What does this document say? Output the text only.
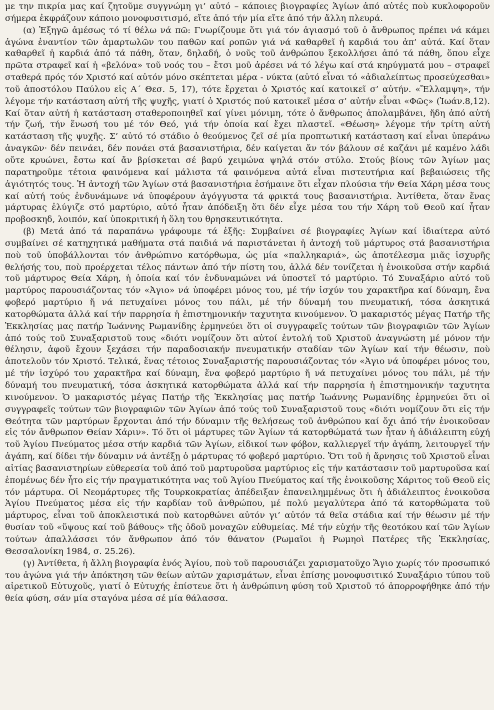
με την πικρία μας καί ζητοῦμε συγγνώμη γι’ αὐτό – κάποιες βιογραφίες Ἁγίων ἀπό αὐτές ποὺ κυκλοφοροῦν σήμερα ἐκφράζουν κάποιο μονοφυσιτισμό, εἴτε ἀπό τήν μία εἴτε ἀπό τήν ἄλλη πλευρά.

(α) Ἐξηγῶ ἀμέσως τό τί θέλω νά πῶ: Γνωρίζουμε ὅτι γιά τόν ἁγιασμό τοῦ ὁ ἄνθρωπος πρέπει νά κάμει ἀγώνα ἐναντίον τῶν ἁμαρτωλῶν του παθῶν καί ροπῶν γιά νά καθαρθεῖ ἡ καρδιά του ἀπ’ αὐτά. Καί ὅταν καθαρθεῖ ἡ καρδιά ἀπό τά πάθη, ὅταν, δηλαδή, ὁ νοῦς τοῦ ἀνθρώπου ξεκολλήσει ἀπό τά πάθη, ὅπου εἶχε πρῶτα στραφεῖ καί ἡ «βελόνα» τοῦ νοός του – ἔτσι μοῦ ἀρέσει νά τό λέγω καί στά κηρύγματά μου – στραφεῖ σταθερά πρός τόν Χριστό καί αὐτόν μόνο σκέπτεται μέρα - νύκτα (αὐτό εἶναι τό «ἀδιαλείπτως προσεύχεσθαι» τοῦ ἀποστόλου Παύλου εἰς Α΄ Θεσ. 5, 17), τότε ἔρχεται ὁ Χριστός καί κατοικεῖ σ’ αὐτήν. «Ἔλλαμψη», τήν λέγομε τήν κατάσταση αὐτή τῆς ψυχῆς, γιατί ὁ Χριστός πού κατοικεῖ μέσα σ’ αὐτήν εἶναι «Φῶς» (Ἰωάν.8,12). Καί ὅταν αὐτή ἡ κατάσταση σταθεροποιηθεῖ καί γίνει μόνιμη, τότε ὁ ἄνθρωπος ἀπολαμβάνει, ἤδη ἀπό αὐτή τήν ζωή, τήν ἕνωσή του μέ τόν Θεό, γιά τήν ὁποία καί ἔχει πλαστεῖ. «Θέωση» λέγομε τήν τρίτη αὐτή κατάσταση τῆς ψυχῆς. Σ’ αὐτό τό στάδιο ὁ θεούμενος ζεῖ σέ μία προπτωτική κατάσταση καί εἶναι ὑπεράνω ἀναγκῶν· δέν πεινάει, δέν πονάει στά βασανιστήρια, δέν καίγεται ἄν τόν βάλουν σέ καζάνι μέ καμένο λάδι οὔτε κρυώνει, ἔστω καί ἄν βρίσκεται σέ βαρύ χειμώνα ψηλά στόν στύλο. Στούς βίους τῶν Ἁγίων μας παρατηροῦμε τέτοια φαινόμενα καί μάλιστα τά φαινόμενα αὐτά εἶναι πιστευτήρια καί βεβαιώσεις τῆς ἁγιότητός τους. Ἡ ἀντοχή τῶν Ἁγίων στά βασανιστήρια ἐσήμαινε ὅτι εἶχαν πλούσια τήν Θεία Χάρη μέσα τους καί αὐτή τούς ἐνδυνάμωνε νά ὑποφέρουν ἀγόγγυστα τά φρικτά τους βασανιστήρια. Ἀντίθετα, ὅταν ἕνας μάρτυρας ἐλύγιζε στό μαρτύριο, αὐτό ἦταν ἀπόδειξη ὅτι δέν εἶχε μέσα του τήν Χάρη τοῦ Θεοῦ καί ἦταν προβοσκηδ, λοιπόν, καί ὑποκριτική ἡ ὅλη του θρησκευτικότητα.

(β) Μετά ἀπό τά παραπάνω γράφουμε τά ἐξῆς: Συμβαίνει σέ βιογραφίες Ἁγίων καί ἰδιαίτερα αὐτό συμβαίνει σέ κατηχητικά μαθήματα στά παιδιά νά παριστάνεται ἡ ἀντοχή τοῦ μάρτυρος στά βασανιστήρια ποὺ τοῦ ὑποβάλλονται τόν ἀνθρώπινο κατόρθωμα, ὡς μία «παλληκαριά», ὡς ἀποτέλεσμα μιᾶς ἰσχυρῆς θελήσής του, ποὺ προέρχεται τέλος πάντων ἀπό τήν πίστη του, ἀλλά δέν τονίζεται ἡ ἐνοικοῦσα στήν καρδιά τοῦ μάρτυρος Θεία Χάρη, ἡ ὁποία καί τόν ἐνδυναμώνει νά ὑποστεῖ τό μαρτύριο. Τό Συναξάριο αὐτό τοῦ μαρτύρος παρουσιάζοντας τόν «Ἀγιο» νά ὑποφέρει μόνος του, μέ τήν ἰσχύν του χαρακτῆρα καί δύναμη, ἔνα φοβερό μαρτύριο ἤ νά πετυχαίνει μόνος του πάλι, μέ τήν δύναμή του πνευματική, τόσα ἀσκητικά κατορθώματα ἀλλά καί τήν παρρησία ἡ ἐπιστημονικήν ταχυτητα κινούμενον. Ὁ μακαριστός μέγας Πατήρ τῆς Ἐκκλησίας μας πατήρ Ἰωάννης Ρωμανίδης ἑρμηνεύει ὅτι οἱ συγγραφεῖς τούτων τῶν βιογραφιῶν τῶν Ἁγίων ἀπό τούς τοῦ Συναξαριστοῦ τους «διότι νομίζουν ὅτι αὐτοί ἐντολή τοῦ Χριστοῦ ἀναγνώστη μέ μόνον τήν θέλησιν, ἀφοῦ ἔχουν ξεχάσει τήν παραδοσιακήν πνευματικήν σταδίαν τῶν Ἁγίων καί τήν θέωσιν, ποὺ ἀποτελοῦν τόν Χριστό. Τελικά, ἕνας τέτοιος Συναξαριστής παρουσιάζοντας τόν «Ἀγιο νά ὑποφέρει μόνος του, μέ τήν ἰσχύρό του χαρακτῆρα καί δύναμη, ἕνα φοβερό μαρτύριο ἤ νά πετυχαίνει μόνος του πάλι, μέ τήν δύναμή του πνευματική, τόσα ἀσκητικά κατορθώματα ἀλλά καί τήν παρρησία ἡ ἐπιστημονικήν ταχυτητα κινούμενον. Ὁ μακαριστός μέγας Πατήρ τῆς Ἐκκλησίας μας πατήρ Ἰωάννης Ρωμανίδης ἑρμηνεύει ὅτι οἱ συγγραφεῖς τούτων τῶν βιογραφιῶν τῶν Ἁγίων ἀπό τούς τοῦ Συναξαριστοῦ τους «διότι νομίζουν ὅτι εἰς τήν Θεότητα τῶν μαρτύρων ἔρχονται ἀπό τήν δύναμιν τῆς θελήσεως τοῦ ἀνθρώπου καί ὄχι ἀπό τήν ἐνοικοῦσαν εἰς τόν ἄνθρωπον Θείαν Χάριν». Τό ὅτι οἱ μάρτυρες τῶν Ἁγίων τά κατορθώματά των ἦταν ἡ ἀδιάλειπτη εὐχή τοῦ Ἁγίου Πνεύματος μέσα στήν καρδιά τῶν Ἁγίων, εἰδικοί των φόβον, καλλιεργεῖ τήν ἀγάπη, λειτουργεῖ τήν ἀγάπη, καί δίδει τήν δύναμιν νά ἀντέξῃ ὁ μάρτυρας τό φοβερό μαρτύριο. Ὅτι τοῦ ἡ ἄρνησις τοῦ Χριστοῦ εἶναι αἰτίας βασανιστηρίων εὐθερεσία τοῦ ἀπό τοῦ μαρτυροῦσα μαρτύριος εἰς τήν κατάστασιν τοῦ μαρτυροῦσα καί ἑπομένως δέν ἦτο εἰς τήν πραγματικότητα νας τοῦ Ἁγίου Πνεύματος καί τῆς ἐνοικοῦσης Χάριτος τοῦ Θεοῦ εἰς τόν μάρτυρα. Οἱ Νεομάρτυρες τῆς Τουρκοκρατίας ἀπέδειξαν ἐπανειλημμένως ὅτι ἡ ἀδιάλειπτος ἐνοικοῦσα Ἁγίου Πνεύματος μέσα εἰς τήν καρδίαν τοῦ ἀνθρώπου, μέ πολύ μεγαλύτερα ἀπό τά κατορθώματα τοῦ μάρτυρος, εἶναι τοῦ ἀποκλειστικά ποὺ κατορθώνει αὐτόν γι’ αὐτόν τά θεῖα στάδια καί τήν θέωσιν μέ τήν θυσίαν τοῦ «ὕψους καί τοῦ βάθους» τῆς ὁδοῦ μοναχῶν εὐθυμείας. Μέ τήν εὐχήν τῆς θεοτόκου καί τῶν Ἁγίων τούτων ἀπαλλάσσει τόν ἄνθρωπον ἀπό τόν θάνατον (Ρωμαῖοι ἡ Ρωμηοὶ Πατέρες τῆς Ἐκκλησίας, Θεσσαλονίκη 1984, σ. 25.26).

(γ) Ἀντίθετα, ἡ ἄλλη βιογραφία ἑνός Ἁγίου, ποὺ τοῦ παρουσιάζει χαρισματοῦχο Ἅγιο χωρίς τόν προσωπικό του ἀγώνα γιά τήν ἀπόκτηση τῶν θείων αὐτῶν χαρισμάτων, εἶναι ἐπίσης μονοφυσιτικό Συναξάριο τύπου τοῦ αἱρετικοῦ Εὐτυχοῦς, γιατί ὁ Εὐτυχής ἐπίστευε ὅτι ἡ ἀνθρώπινη φύση τοῦ Χριστοῦ τό ἀπορροφήθηκε ἀπό τήν θεία φύση, σάν μία σταγόνα μέσα σέ μία θάλασσα.
